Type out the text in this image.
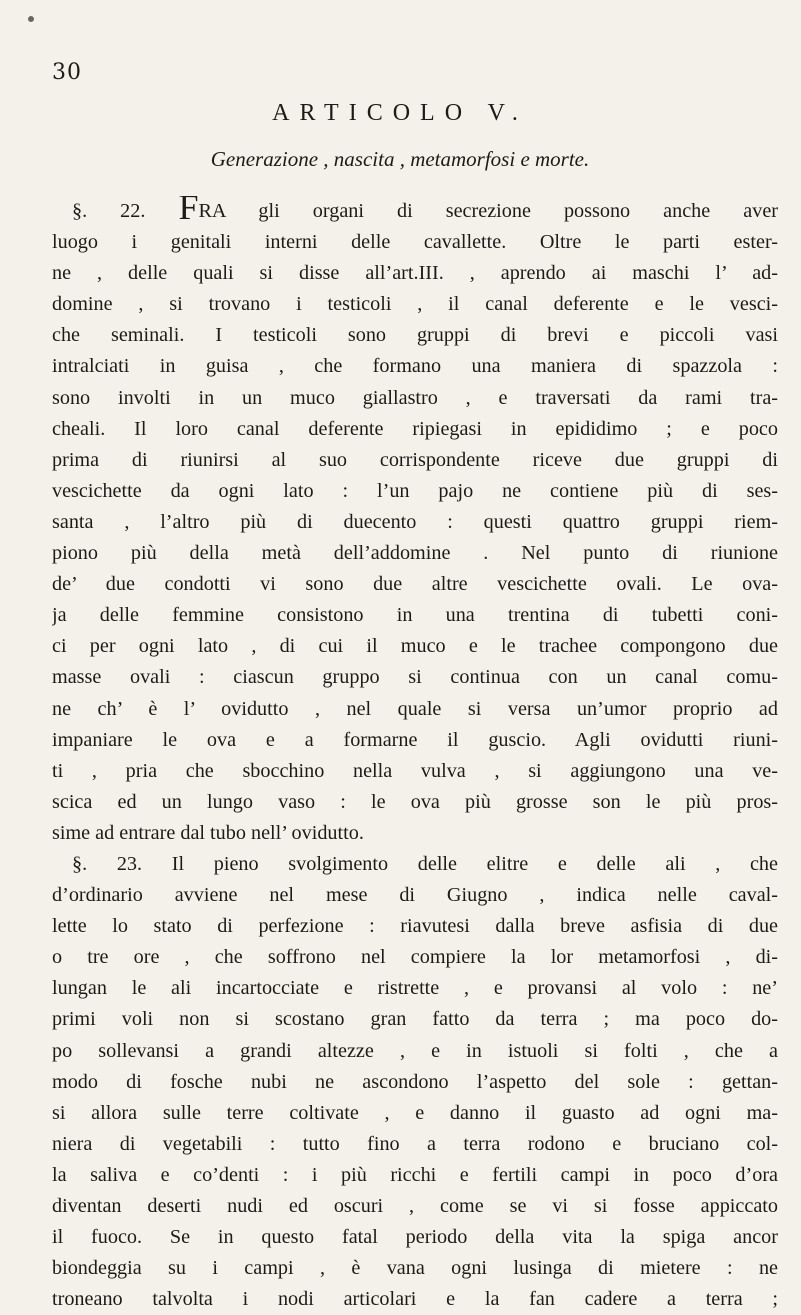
30
ARTICOLO V.
Generazione , nascita , metamorfosi e morte.
§. 22. FRA gli organi di secrezione possono anche aver
luogo i genitali interni delle cavallette. Oltre le parti ester-
ne , delle quali si disse all’art.III. , aprendo ai maschi l’ ad-
domine , si trovano i testicoli , il canal deferente e le vesci-
che seminali. I testicoli sono gruppi di brevi e piccoli vasi
intralciati in guisa , che formano una maniera di spazzola :
sono involti in un muco giallastro , e traversati da rami tra-
cheali. Il loro canal deferente ripiegasi in epididimo ; e poco
prima di riunirsi al suo corrispondente riceve due gruppi di
vescichette da ogni lato : l’un pajo ne contiene più di ses-
santa , l’altro più di duecento : questi quattro gruppi riem-
piono più della metà dell’addomine . Nel punto di riunione
de’ due condotti vi sono due altre vescichette ovali. Le ova-
ja delle femmine consistono in una trentina di tubetti coni-
ci per ogni lato , di cui il muco e le trachee compongono due
masse ovali : ciascun gruppo si continua con un canal comu-
ne ch’ è l’ ovidutto , nel quale si versa un’umor proprio ad
impaniare le ova e a formarne il guscio. Agli ovidutti riuni-
ti , pria che sbocchino nella vulva , si aggiungono una ve-
scica ed un lungo vaso : le ova più grosse son le più pros-
sime ad entrare dal tubo nell’ ovidutto.
§. 23. Il pieno svolgimento delle elitre e delle ali , che
d’ordinario avviene nel mese di Giugno , indica nelle caval-
lette lo stato di perfezione : riavutesi dalla breve asfisia di due
o tre ore , che soffrono nel compiere la lor metamorfosi , di-
lungan le ali incartocciate e ristrette , e provansi al volo : ne’
primi voli non si scostano gran fatto da terra ; ma poco do-
po sollevansi a grandi altezze , e in istuoli si folti , che a
modo di fosche nubi ne ascondono l’aspetto del sole : gettan-
si allora sulle terre coltivate , e danno il guasto ad ogni ma-
niera di vegetabili : tutto fino a terra rodono e bruciano col-
la saliva e co’denti : i più ricchi e fertili campi in poco d’ora
diventan deserti nudi ed oscuri , come se vi si fosse appiccato
il fuoco. Se in questo fatal periodo della vita la spiga ancor
biondeggia su i campi , è vana ogni lusinga di mietere : ne
troneano talvolta i nodi articolari e la fan cadere a terra ;
